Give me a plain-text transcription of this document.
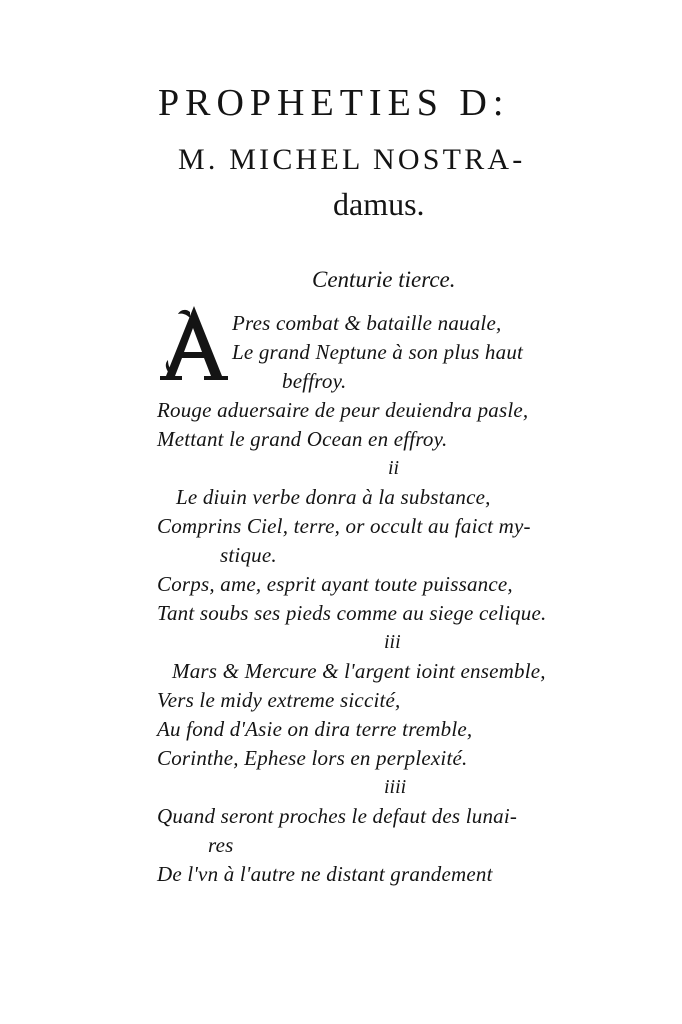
PROPHETIES D:
M. MICHEL NOSTRA-
damus.
Centurie tierce.
Pres combat & bataille nauale,
Le grand Neptune à son plus haut
beffroy.
Rouge aduersaire de peur deuiendra pasle,
Mettant le grand Ocean en effroy.
ii
Le diuin verbe donra à la substance,
Comprins Ciel, terre, or occult au faict my-
stique.
Corps, ame, esprit ayant toute puissance,
Tant soubs ses pieds comme au siege celique.
iii
Mars & Mercure & l'argent ioint ensemble,
Vers le midy extreme siccité,
Au fond d'Asie on dira terre tremble,
Corinthe, Ephese lors en perplexité.
iiii
Quand seront proches le defaut des lunai-
res
De l'vn à l'autre ne distant grandement
